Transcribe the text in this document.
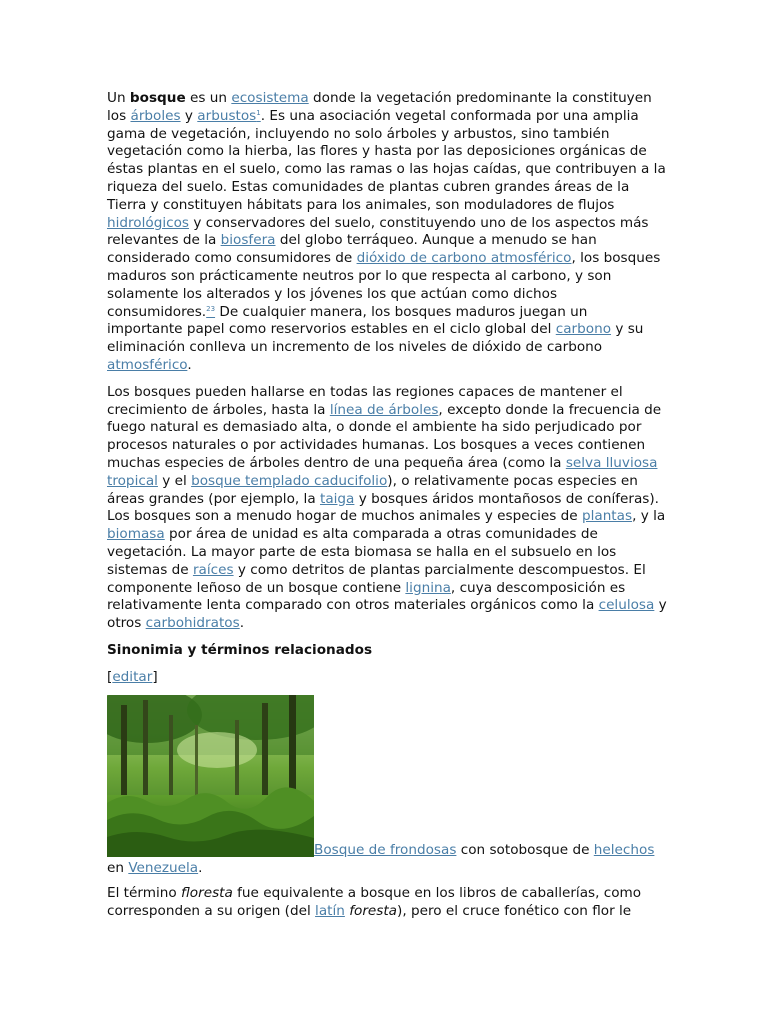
Un bosque es un ecosistema donde la vegetación predominante la constituyen los árboles y arbustos$^1$. Es una asociación vegetal conformada por una amplia gama de vegetación, incluyendo no solo árboles y arbustos, sino también vegetación como la hierba, las flores y hasta por las deposiciones orgánicas de éstas plantas en el suelo, como las ramas o las hojas caídas, que contribuyen a la riqueza del suelo. Estas comunidades de plantas cubren grandes áreas de la Tierra y constituyen hábitats para los animales, son moduladores de flujos hidrológicos y conservadores del suelo, constituyendo uno de los aspectos más relevantes de la biosfera del globo terráqueo. Aunque a menudo se han considerado como consumidores de dióxido de carbono atmosférico, los bosques maduros son prácticamente neutros por lo que respecta al carbono, y son solamente los alterados y los jóvenes los que actúan como dichos consumidores.$^{23}$ De cualquier manera, los bosques maduros juegan un importante papel como reservorios estables en el ciclo global del carbono y su eliminación conlleva un incremento de los niveles de dióxido de carbono atmosférico.

Los bosques pueden hallarse en todas las regiones capaces de mantener el crecimiento de árboles, hasta la línea de árboles, excepto donde la frecuencia de fuego natural es demasiado alta, o donde el ambiente ha sido perjudicado por procesos naturales o por actividades humanas. Los bosques a veces contienen muchas especies de árboles dentro de una pequeña área (como la selva lluviosa tropical y el bosque templado caducifolio), o relativamente pocas especies en áreas grandes (por ejemplo, la taiga y bosques áridos montañosos de coníferas). Los bosques son a menudo hogar de muchos animales y especies de plantas, y la biomasa por área de unidad es alta comparada a otras comunidades de vegetación. La mayor parte de esta biomasa se halla en el subsuelo en los sistemas de raíces y como detritos de plantas parcialmente descompuestos. El componente leñoso de un bosque contiene lignina, cuya descomposición es relativamente lenta comparado con otros materiales orgánicos como la celulosa y otros carbohidratos.

Sinonimia y términos relacionados

[editar]

Bosque de frondosas con sotobosque de helechos en Venezuela.

El término floresta fue equivalente a bosque en los libros de caballerías, como corresponden a su origen (del latín foresta), pero el cruce fonético con flor le
